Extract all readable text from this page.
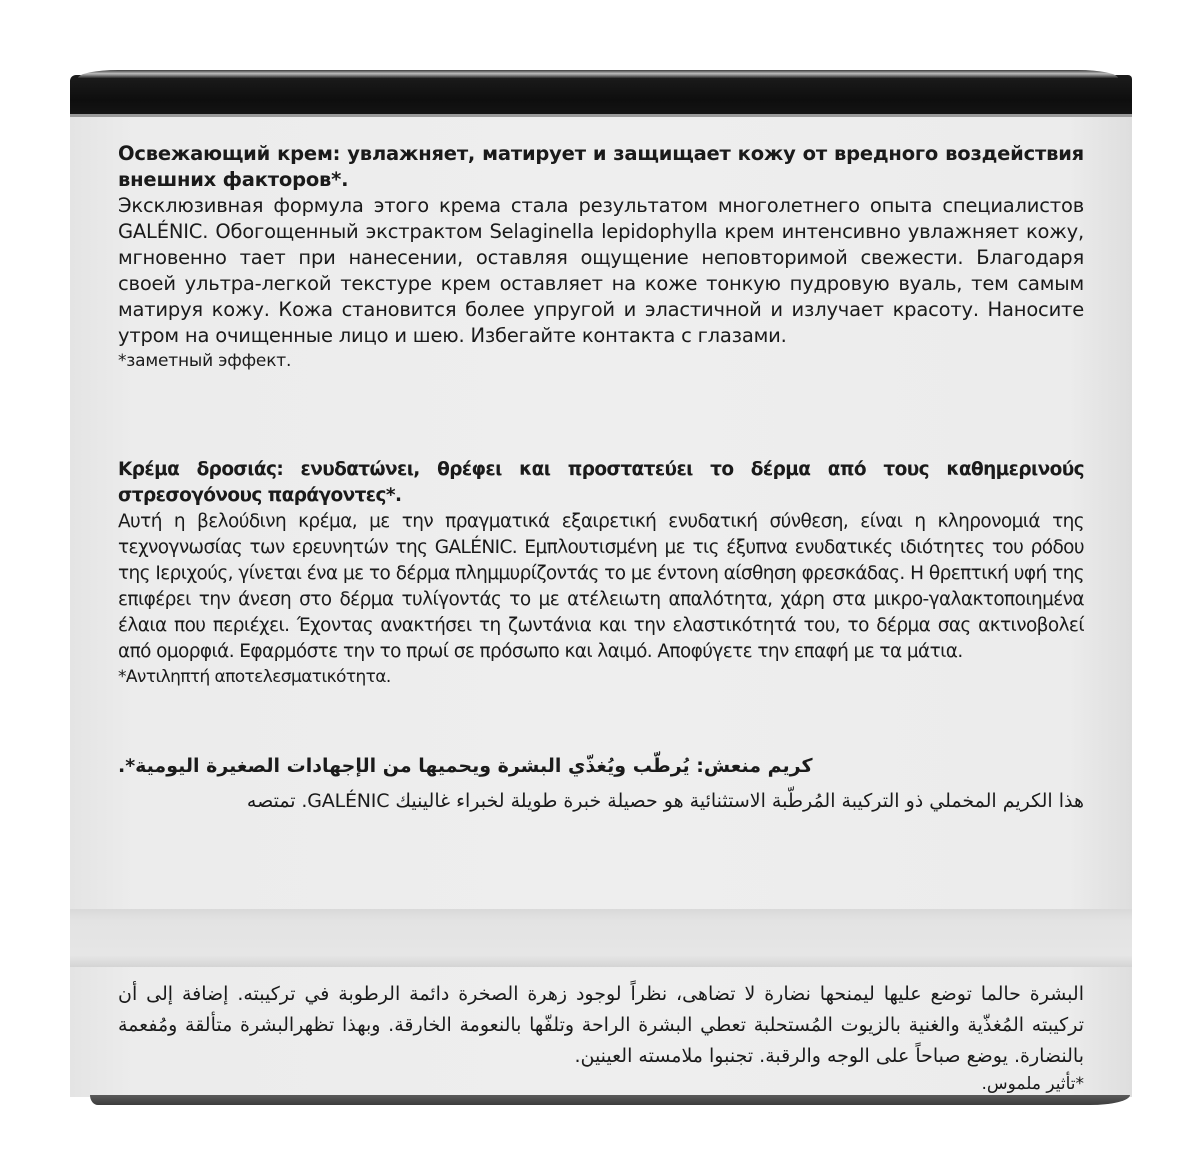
Освежающий крем: увлажняет, матирует и защищает кожу от вредного воздействия внешних факторов*.
Эксклюзивная формула этого крема стала результатом многолетнего опыта специалистов GALÉNIC. Обогощенный экстрактом Selaginella lepidophylla крем интенсивно увлажняет кожу, мгновенно тает при нанесении, оставляя ощущение неповторимой свежести. Благодаря своей ультра-легкой текстуре крем оставляет на коже тонкую пудровую вуаль, тем самым матируя кожу. Кожа становится более упругой и эластичной и излучает красоту. Наносите утром на очищенные лицо и шею. Избегайте контакта с глазами.
*заметный эффект.
Κρέμα δροσιάς: ενυδατώνει, θρέφει και προστατεύει το δέρμα από τους καθημερινούς στρεσογόνους παράγοντες*.
Αυτή η βελούδινη κρέμα, με την πραγματικά εξαιρετική ενυδατική σύνθεση, είναι η κληρονομιά της τεχνογνωσίας των ερευνητών της GALÉNIC. Εμπλουτισμένη με τις έξυπνα ενυδατικές ιδιότητες του ρόδου της Ιεριχούς, γίνεται ένα με το δέρμα πλημμυρίζοντάς το με έντονη αίσθηση φρεσκάδας. Η θρεπτική υφή της επιφέρει την άνεση στο δέρμα τυλίγοντάς το με ατέλειωτη απαλότητα, χάρη στα μικρο-γαλακτοποιημένα έλαια που περιέχει. Έχοντας ανακτήσει τη ζωντάνια και την ελαστικότητά του, το δέρμα σας ακτινοβολεί από ομορφιά. Εφαρμόστε την το πρωί σε πρόσωπο και λαιμό. Αποφύγετε την επαφή με τα μάτια.
*Αντιληπτή αποτελεσματικότητα.
كريم منعش: يُرطّب ويُغذّي البشرة ويحميها من الإجهادات الصغيرة اليومية*.
هذا الكريم المخملي ذو التركيبة المُرطّبة الاستثنائية هو حصيلة خبرة طويلة لخبراء غالينيك GALÉNIC. تمتصه
البشرة حالما توضع عليها ليمنحها نضارة لا تضاهى، نظراً لوجود زهرة الصخرة دائمة الرطوبة في تركيبته. إضافة إلى أن تركيبته المُغذّية والغنية بالزيوت المُستحلبة تعطي البشرة الراحة وتلفّها بالنعومة الخارقة. وبهذا تظهرالبشرة متألقة ومُفعمة بالنضارة. يوضع صباحاً على الوجه والرقبة. تجنبوا ملامسته العينين.
*تأثير ملموس.
